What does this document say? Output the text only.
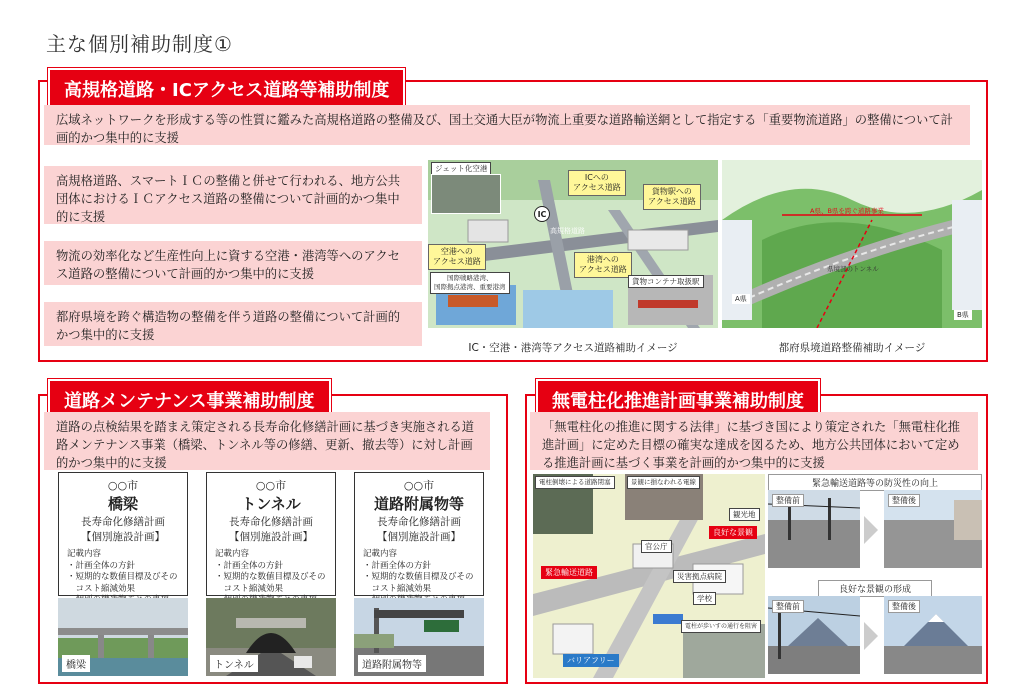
主な個別補助制度①
高規格道路・ICアクセス道路等補助制度
広域ネットワークを形成する等の性質に鑑みた高規格道路の整備及び、国土交通大臣が物流上重要な道路輸送網として指定する「重要物流道路」の整備について計画的かつ集中的に支援
高規格道路、スマートＩＣの整備と併せて行われる、地方公共団体におけるＩＣアクセス道路の整備について計画的かつ集中的に支援
物流の効率化など生産性向上に資する空港・港湾等へのアクセス道路の整備について計画的かつ集中的に支援
都府県境を跨ぐ構造物の整備を伴う道路の整備について計画的かつ集中的に支援
ジェット化空港
ICへの
アクセス道路	貨物駅への
アクセス道路
IC
高規格道路
空港への
アクセス道路	港湾への
アクセス道路
国際戦略港湾、
国際拠点港湾、重要港湾
貨物コンテナ取扱駅
IC・空港・港湾等アクセス道路補助イメージ
A県、B県を跨ぐ道路事業
県境部のトンネル
A県
B県
都府県境道路整備補助イメージ
道路メンテナンス事業補助制度
道路の点検結果を踏まえ策定される長寿命化修繕計画に基づき実施される道路メンテナンス事業（橋梁、トンネル等の修繕、更新、撤去等）に対し計画的かつ集中的に支援
○○市
橋梁
長寿命化修繕計画
【個別施設計画】
記載内容
・計画全体の方針
・短期的な数値目標及びその
　コスト縮減効果
橋梁
○○市
トンネル
長寿命化修繕計画
【個別施設計画】
記載内容
・計画全体の方針
・短期的な数値目標及びその
　コスト縮減効果
トンネル
○○市
道路附属物等
長寿命化修繕計画
【個別施設計画】
記載内容
・計画全体の方針
・短期的な数値目標及びその
　コスト縮減効果
道路附属物等
無電柱化推進計画事業補助制度
「無電柱化の推進に関する法律」に基づき国により策定された「無電柱化推進計画」に定めた目標の確実な達成を図るため、地方公共団体において定める推進計画に基づく事業を計画的かつ集中的に支援
電柱倒壊による道路閉塞	景観に損なわれる電線
観光地
良好な景観
官公庁
緊急輸送道路	災害拠点病院
学校
バリアフリー
電柱が歩いすの通行を阻害
緊急輸送道路等の防災性の向上
整備前	整備後
良好な景観の形成
整備前	整備後
